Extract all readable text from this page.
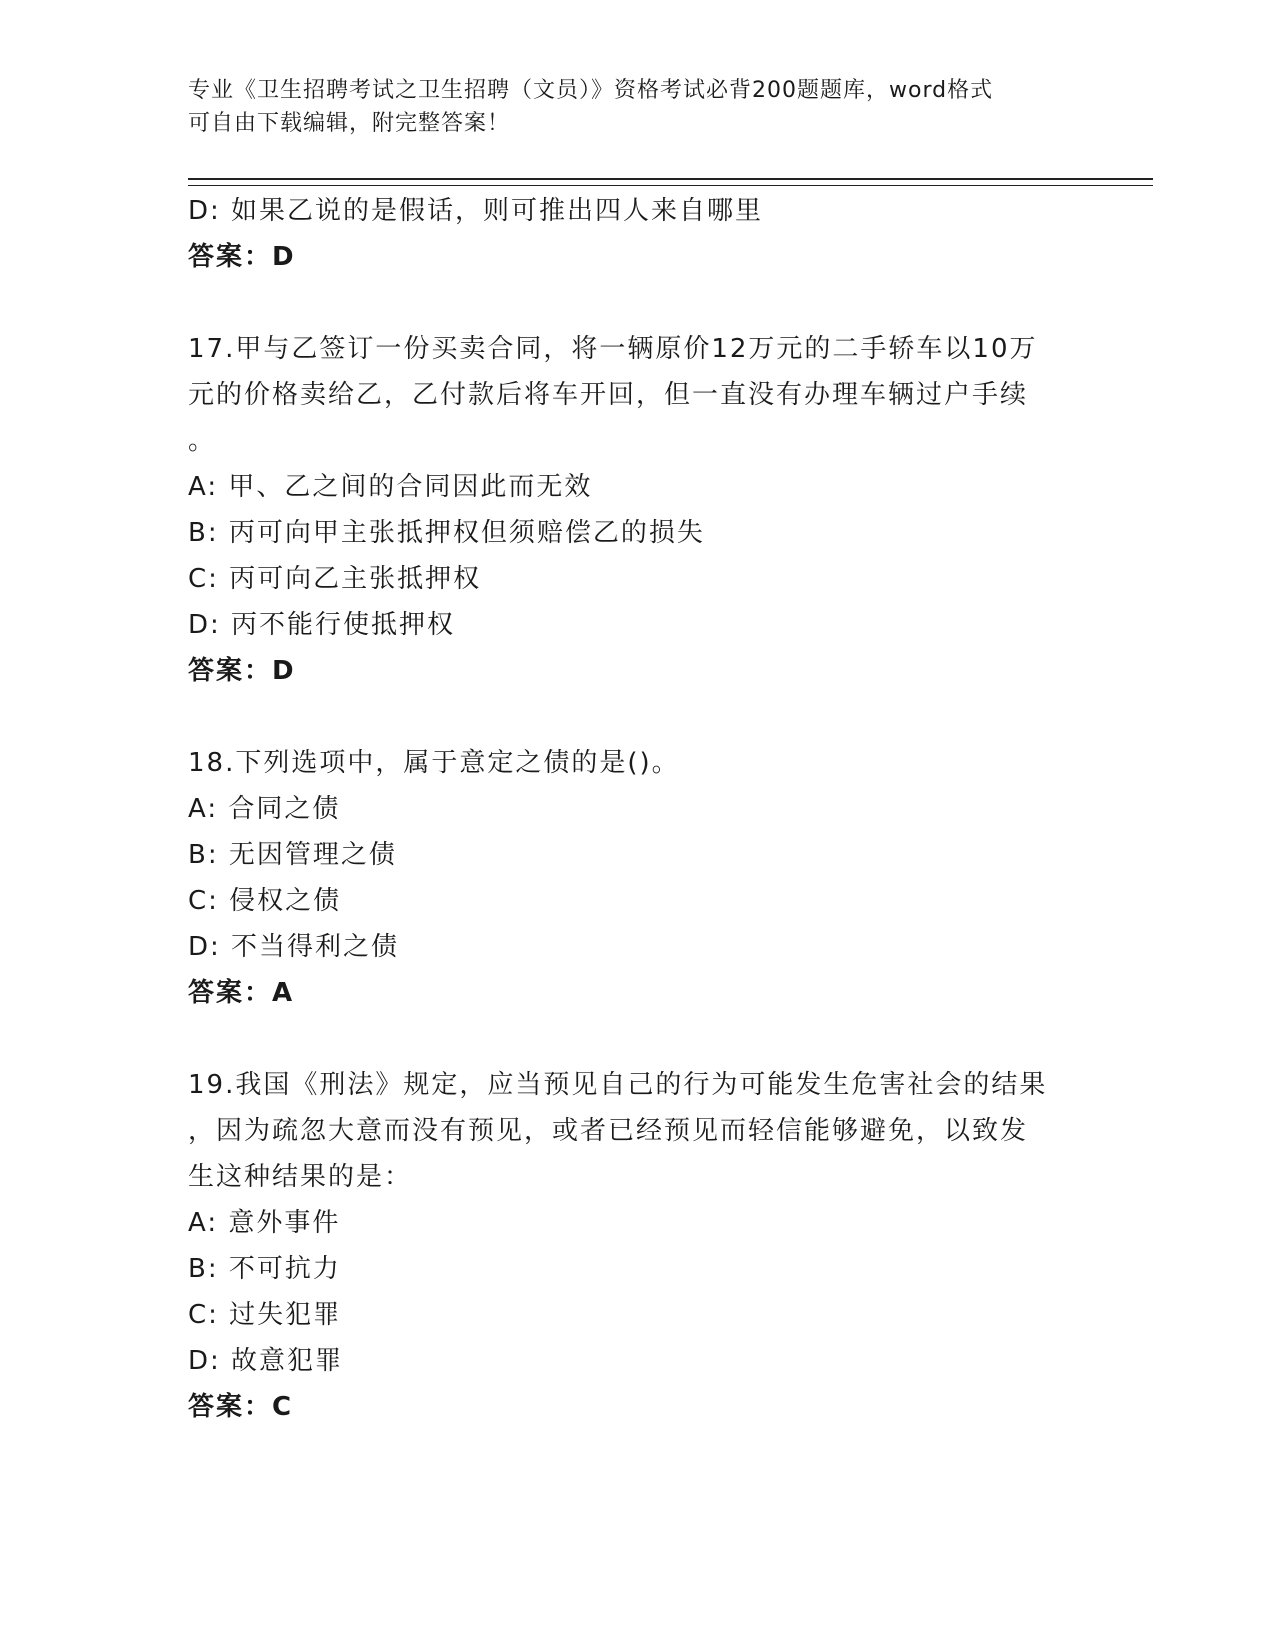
专业《卫生招聘考试之卫生招聘（文员）》资格考试必背200题题库，word格式
可自由下载编辑，附完整答案！
D: 如果乙说的是假话，则可推出四人来自哪里
答案：D
17.甲与乙签订一份买卖合同，将一辆原价12万元的二手轿车以10万
元的价格卖给乙，乙付款后将车开回，但一直没有办理车辆过户手续
。
A: 甲、乙之间的合同因此而无效
B: 丙可向甲主张抵押权但须赔偿乙的损失
C: 丙可向乙主张抵押权
D: 丙不能行使抵押权
答案：D
18.下列选项中，属于意定之债的是()。
A: 合同之债
B: 无因管理之债
C: 侵权之债
D: 不当得利之债
答案：A
19.我国《刑法》规定，应当预见自己的行为可能发生危害社会的结果
，因为疏忽大意而没有预见，或者已经预见而轻信能够避免，以致发
生这种结果的是：
A: 意外事件
B: 不可抗力
C: 过失犯罪
D: 故意犯罪
答案：C
